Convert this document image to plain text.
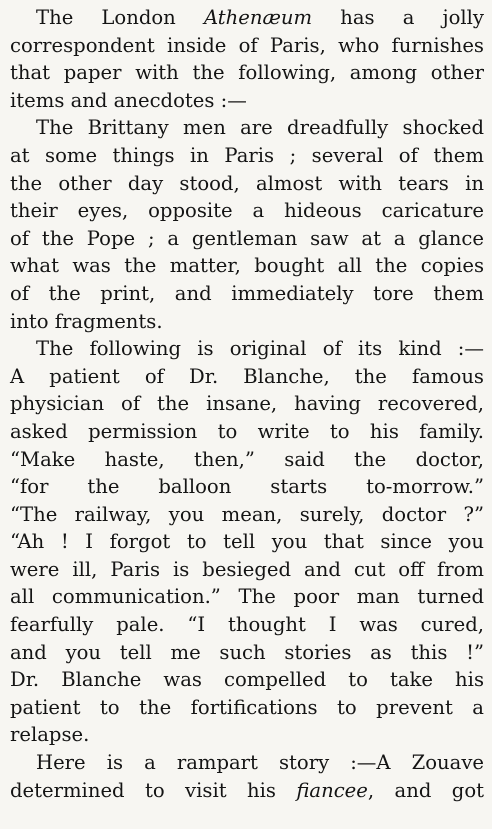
The London Athenæum has a jolly
correspondent inside of Paris, who furnishes
that paper with the following, among other
items and anecdotes :—
The Brittany men are dreadfully shocked
at some things in Paris ; several of them
the other day stood, almost with tears in
their eyes, opposite a hideous caricature
of the Pope ; a gentleman saw at a glance
what was the matter, bought all the copies
of the print, and immediately tore them
into fragments.
The following is original of its kind :—
A patient of Dr. Blanche, the famous
physician of the insane, having recovered,
asked permission to write to his family.
“Make haste, then,” said the doctor,
“for the balloon starts to-morrow.”
“The railway, you mean, surely, doctor ?”
“Ah ! I forgot to tell you that since you
were ill, Paris is besieged and cut off from
all communication.” The poor man turned
fearfully pale. “I thought I was cured,
and you tell me such stories as this !”
Dr. Blanche was compelled to take his
patient to the fortifications to prevent a
relapse.
Here is a rampart story :—A Zouave
determined to visit his fiancee, and got
